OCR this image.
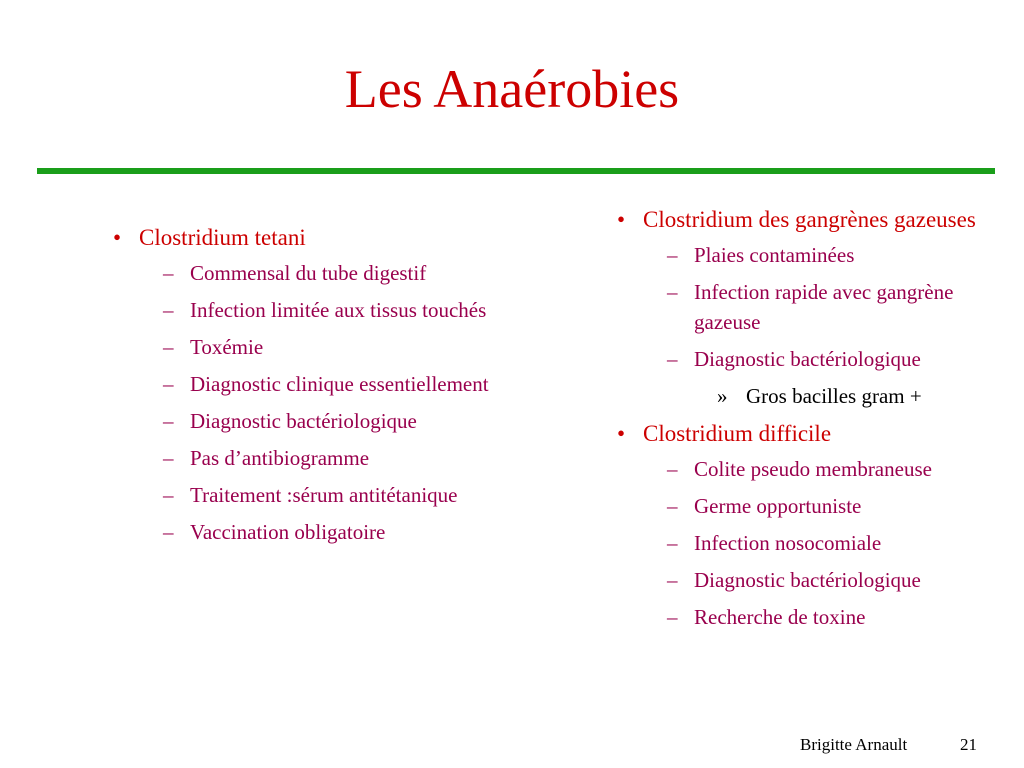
Les Anaérobies
• Clostridium tetani
– Commensal du tube digestif
– Infection limitée aux tissus touchés
– Toxémie
– Diagnostic clinique essentiellement
– Diagnostic bactériologique
– Pas d’antibiogramme
– Traitement :sérum antitétanique
– Vaccination obligatoire
• Clostridium des gangrènes gazeuses
– Plaies contaminées
– Infection rapide avec gangrène gazeuse
– Diagnostic bactériologique
» Gros bacilles gram +
• Clostridium difficile
– Colite pseudo membraneuse
– Germe opportuniste
– Infection nosocomiale
– Diagnostic bactériologique
– Recherche de toxine
Brigitte Arnault	21
